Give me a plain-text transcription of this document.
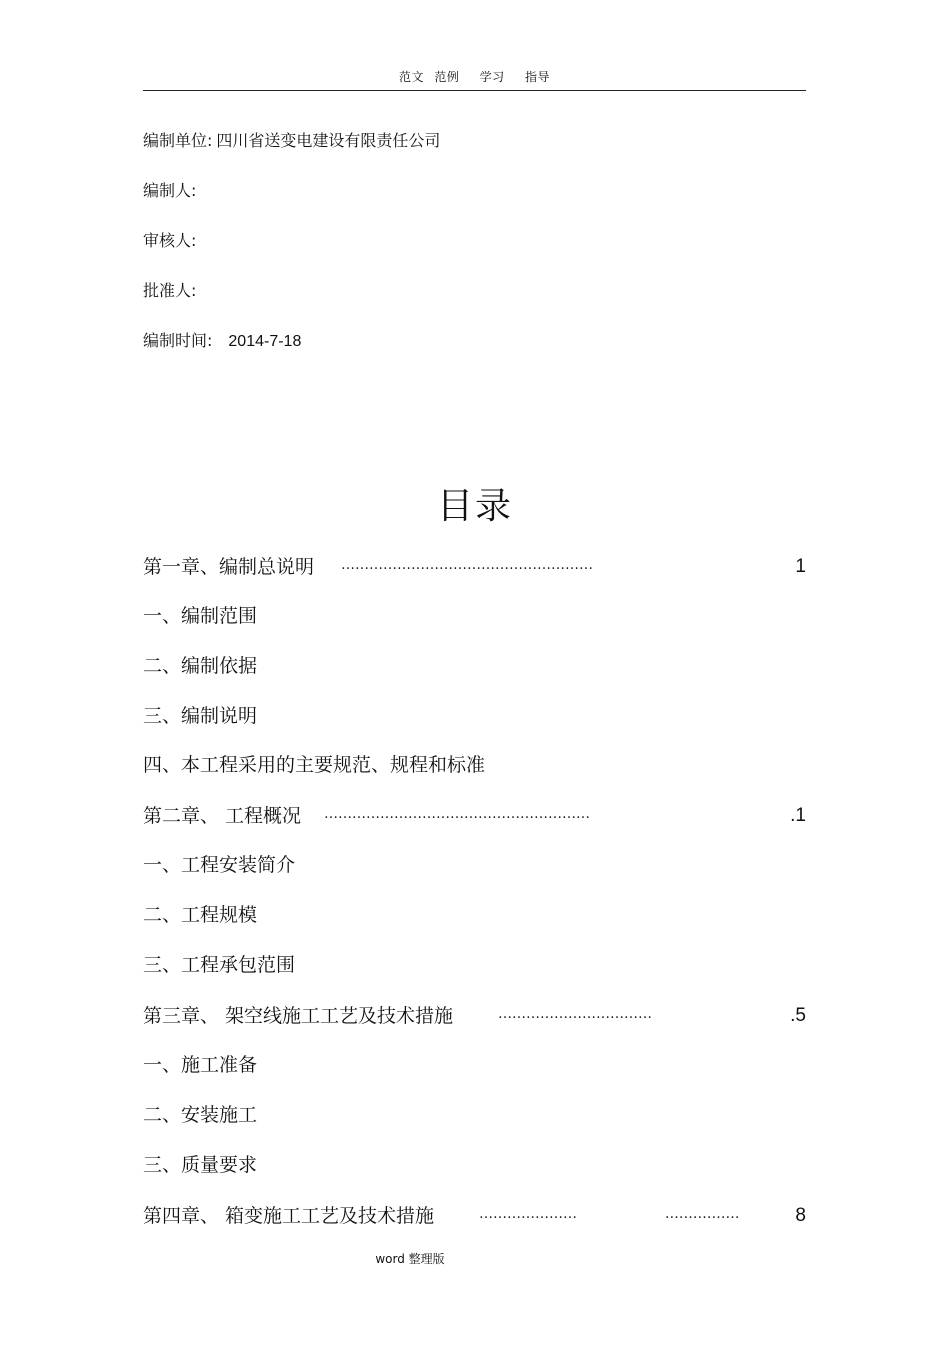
范文 范例 学习 指导
编制单位: 四川省送变电建设有限责任公司
编制人:
审核人:
批准人:
编制时间: 2014-7-18
目录
第一章、编制总说明 ………………………………………………	1
一、编制范围
二、编制依据
三、编制说明
四、本工程采用的主要规范、规程和标准
第二章、 工程概况 …………………………………………………	.1
一、工程安装简介
二、工程规模
三、工程承包范围
第三章、 架空线施工工艺及技术措施	……………………………	.5
一、施工准备
二、安装施工
三、质量要求
第四章、 箱变施工工艺及技术措施	…………………	.……………	8
word 整理版
